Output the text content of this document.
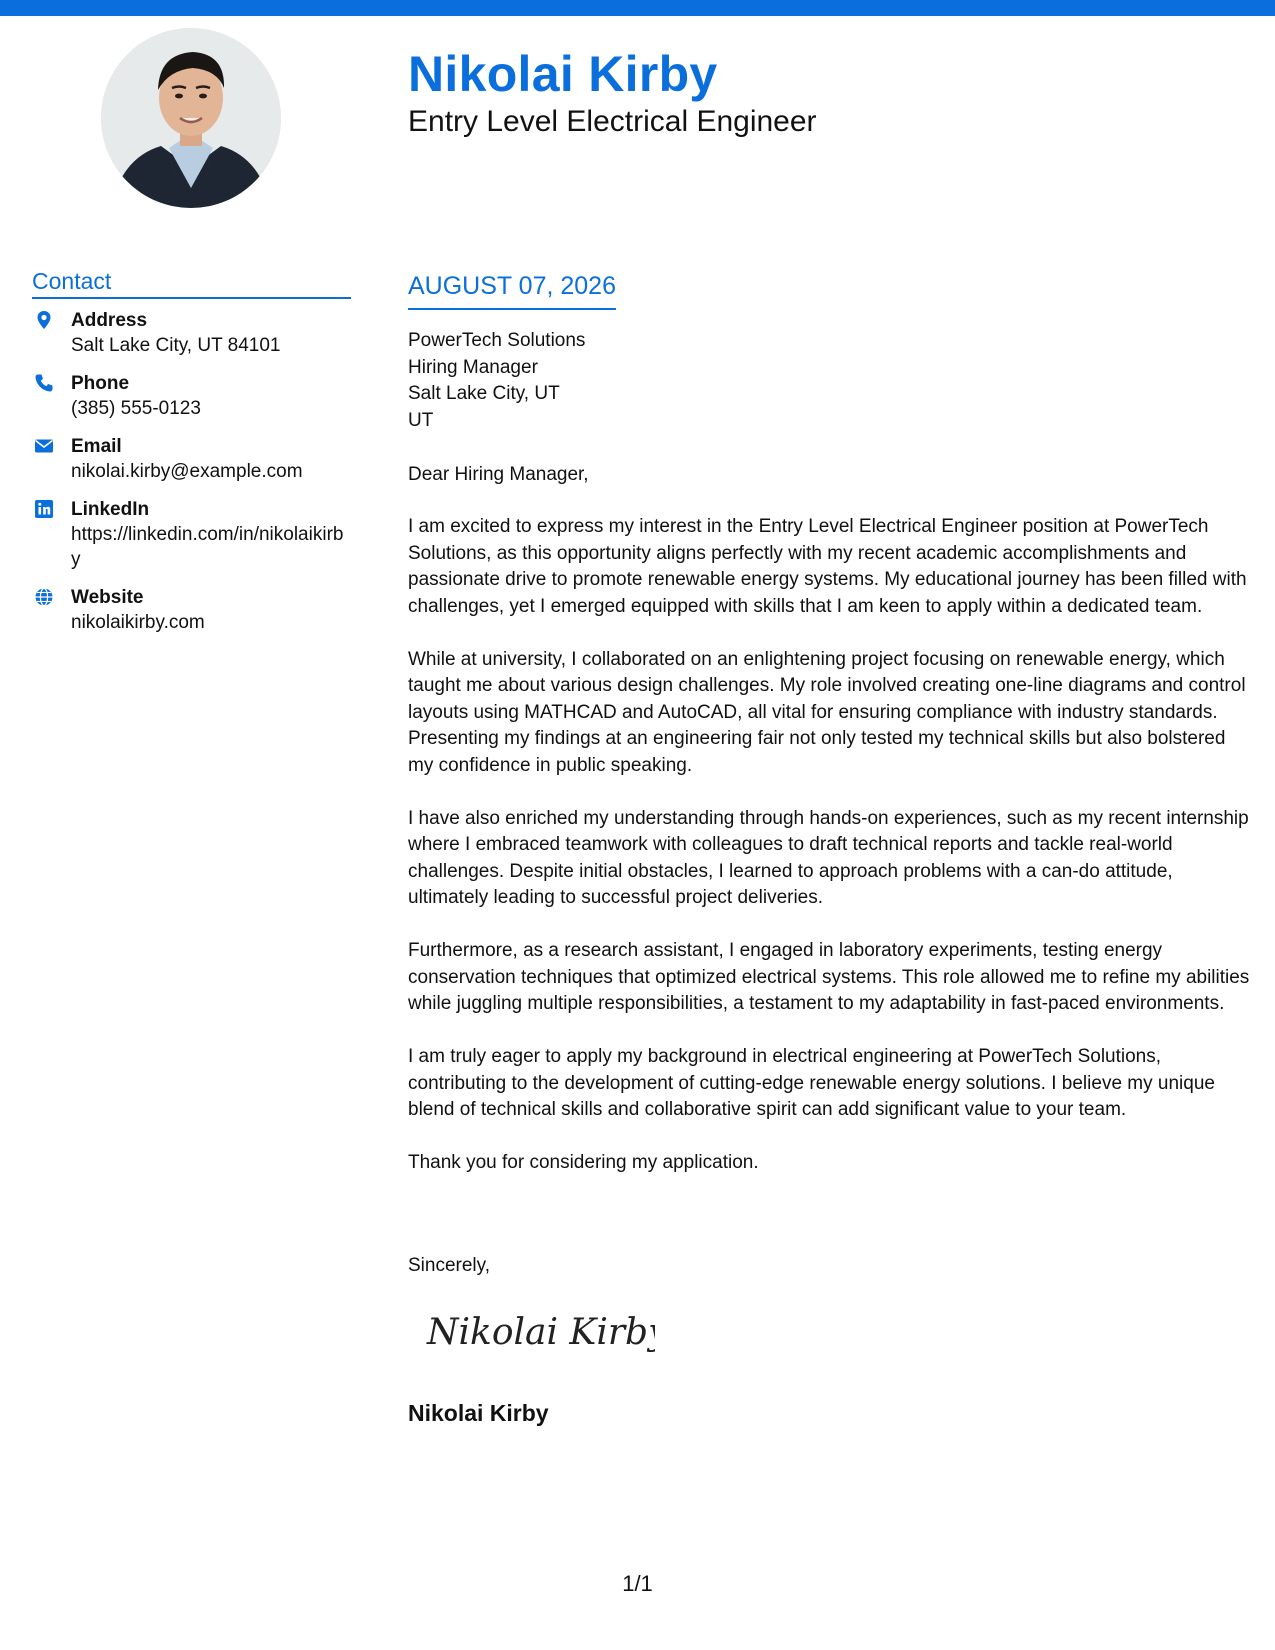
Nikolai Kirby
Entry Level Electrical Engineer
Contact
Address
Salt Lake City, UT 84101
Phone
(385) 555-0123
Email
nikolai.kirby@example.com
LinkedIn
https://linkedin.com/in/nikolaikirby
Website
nikolaikirby.com
AUGUST 07, 2026
PowerTech Solutions
Hiring Manager
Salt Lake City, UT
UT
Dear Hiring Manager,

I am excited to express my interest in the Entry Level Electrical Engineer position at PowerTech Solutions, as this opportunity aligns perfectly with my recent academic accomplishments and passionate drive to promote renewable energy systems. My educational journey has been filled with challenges, yet I emerged equipped with skills that I am keen to apply within a dedicated team.

While at university, I collaborated on an enlightening project focusing on renewable energy, which taught me about various design challenges. My role involved creating one-line diagrams and control layouts using MATHCAD and AutoCAD, all vital for ensuring compliance with industry standards. Presenting my findings at an engineering fair not only tested my technical skills but also bolstered my confidence in public speaking.

I have also enriched my understanding through hands-on experiences, such as my recent internship where I embraced teamwork with colleagues to draft technical reports and tackle real-world challenges. Despite initial obstacles, I learned to approach problems with a can-do attitude, ultimately leading to successful project deliveries.

Furthermore, as a research assistant, I engaged in laboratory experiments, testing energy conservation techniques that optimized electrical systems. This role allowed me to refine my abilities while juggling multiple responsibilities, a testament to my adaptability in fast-paced environments.

I am truly eager to apply my background in electrical engineering at PowerTech Solutions, contributing to the development of cutting-edge renewable energy solutions. I believe my unique blend of technical skills and collaborative spirit can add significant value to your team.

Thank you for considering my application.

Sincerely,
Nikolai Kirby
Nikolai Kirby
1/1
